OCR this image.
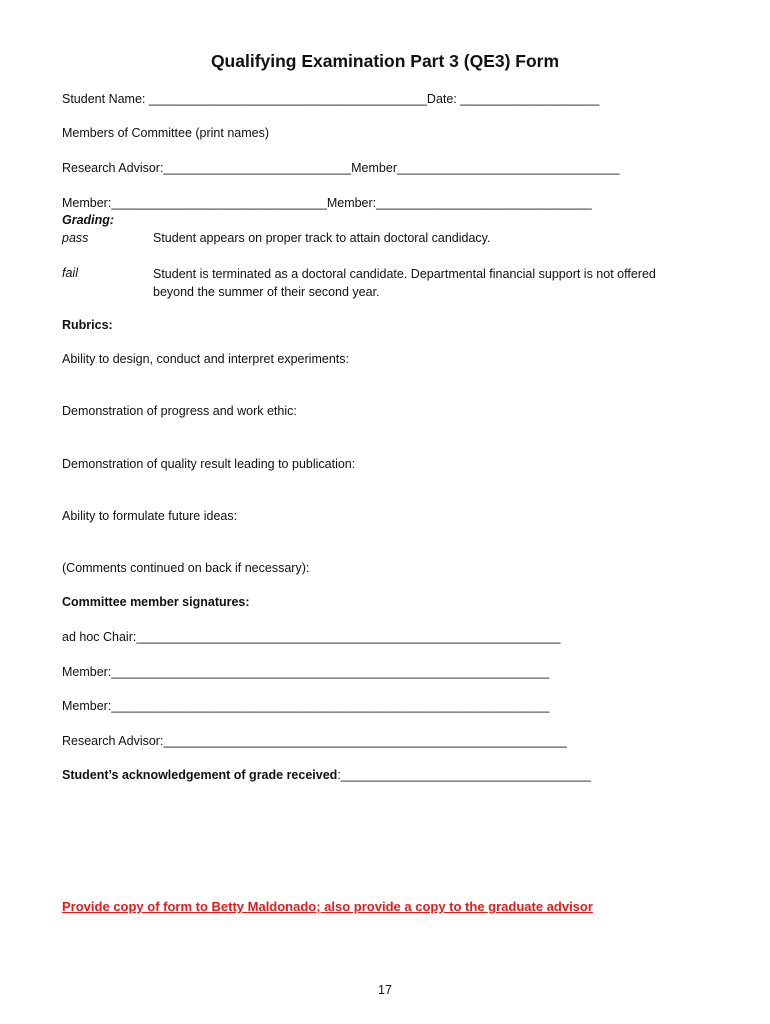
Qualifying Examination Part 3 (QE3) Form
Student Name: ________________________________________Date: ____________________
Members of Committee (print names)
Research Advisor:___________________________Member________________________________
Member:_______________________________Member:_______________________________
Grading:
pass	Student appears on proper track to attain doctoral candidacy.
fail	Student is terminated as a doctoral candidate. Departmental financial support is not offered beyond the summer of their second year.
Rubrics:
Ability to design, conduct and interpret experiments:
Demonstration of progress and work ethic:
Demonstration of quality result leading to publication:
Ability to formulate future ideas:
(Comments continued on back if necessary):
Committee member signatures:
ad hoc Chair:_____________________________________________________________
Member:_______________________________________________________________
Member:_______________________________________________________________
Research Advisor:__________________________________________________________
Student’s acknowledgement of grade received:____________________________________
Provide copy of form to Betty Maldonado; also provide a copy to the graduate advisor
17
